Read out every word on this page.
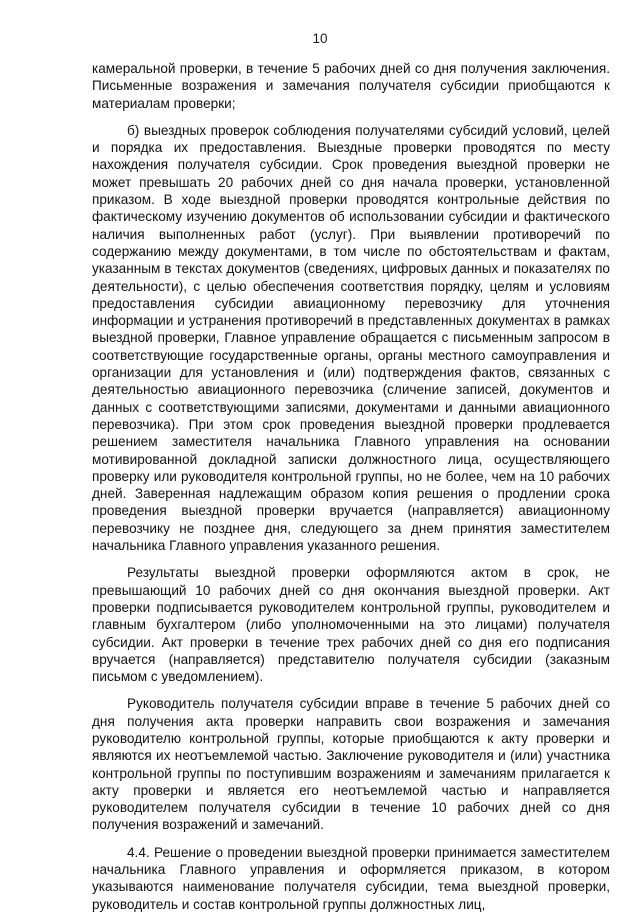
10

камеральной проверки, в течение 5 рабочих дней со дня получения заключения. Письменные возражения и замечания получателя субсидии приобщаются к материалам проверки;

б) выездных проверок соблюдения получателями субсидий условий, целей и порядка их предоставления. Выездные проверки проводятся по месту нахождения получателя субсидии. Срок проведения выездной проверки не может превышать 20 рабочих дней со дня начала проверки, установленной приказом. В ходе выездной проверки проводятся контрольные действия по фактическому изучению документов об использовании субсидии и фактического наличия выполненных работ (услуг). При выявлении противоречий по содержанию между документами, в том числе по обстоятельствам и фактам, указанным в текстах документов (сведениях, цифровых данных и показателях по деятельности), с целью обеспечения соответствия порядку, целям и условиям предоставления субсидии авиационному перевозчику для уточнения информации и устранения противоречий в представленных документах в рамках выездной проверки, Главное управление обращается с письменным запросом в соответствующие государственные органы, органы местного самоуправления и организации для установления и (или) подтверждения фактов, связанных с деятельностью авиационного перевозчика (сличение записей, документов и данных с соответствующими записями, документами и данными авиационного перевозчика). При этом срок проведения выездной проверки продлевается решением заместителя начальника Главного управления на основании мотивированной докладной записки должностного лица, осуществляющего проверку или руководителя контрольной группы, но не более, чем на 10 рабочих дней. Заверенная надлежащим образом копия решения о продлении срока проведения выездной проверки вручается (направляется) авиационному перевозчику не позднее дня, следующего за днем принятия заместителем начальника Главного управления указанного решения.

Результаты выездной проверки оформляются актом в срок, не превышающий 10 рабочих дней со дня окончания выездной проверки. Акт проверки подписывается руководителем контрольной группы, руководителем и главным бухгалтером (либо уполномоченными на это лицами) получателя субсидии. Акт проверки в течение трех рабочих дней со дня его подписания вручается (направляется) представителю получателя субсидии (заказным письмом с уведомлением).

Руководитель получателя субсидии вправе в течение 5 рабочих дней со дня получения акта проверки направить свои возражения и замечания руководителю контрольной группы, которые приобщаются к акту проверки и являются их неотъемлемой частью. Заключение руководителя и (или) участника контрольной группы по поступившим возражениям и замечаниям прилагается к акту проверки и является его неотъемлемой частью и направляется руководителем получателя субсидии в течение 10 рабочих дней со дня получения возражений и замечаний.

4.4. Решение о проведении выездной проверки принимается заместителем начальника Главного управления и оформляется приказом, в котором указываются наименование получателя субсидии, тема выездной проверки, руководитель и состав контрольной группы должностных лиц,
